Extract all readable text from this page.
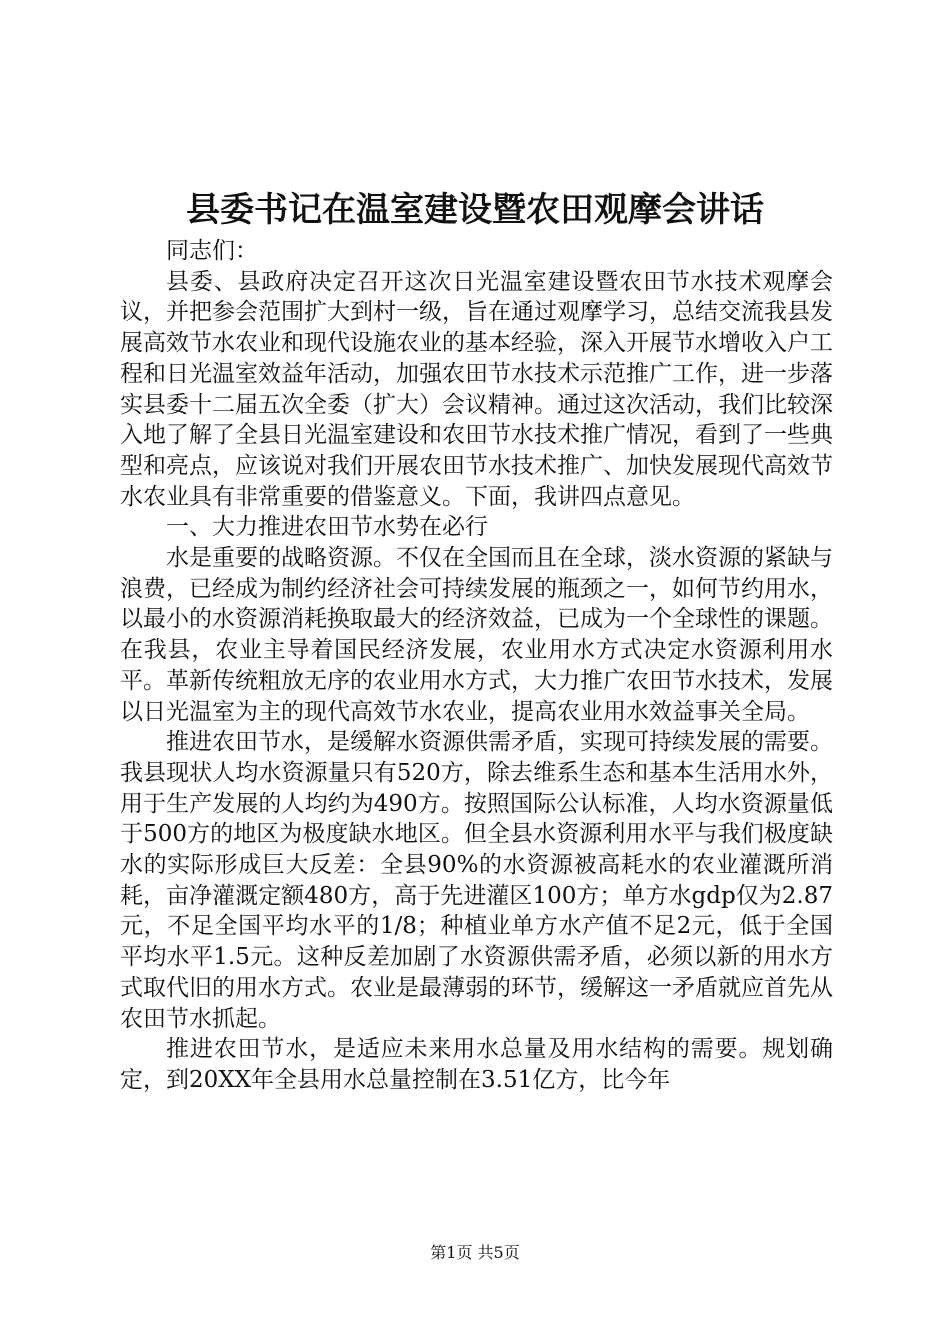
县委书记在温室建设暨农田观摩会讲话

同志们：

县委、县政府决定召开这次日光温室建设暨农田节水技术观摩会议，并把参会范围扩大到村一级，旨在通过观摩学习，总结交流我县发展高效节水农业和现代设施农业的基本经验，深入开展节水增收入户工程和日光温室效益年活动，加强农田节水技术示范推广工作，进一步落实县委十二届五次全委（扩大）会议精神。通过这次活动，我们比较深入地了解了全县日光温室建设和农田节水技术推广情况，看到了一些典型和亮点，应该说对我们开展农田节水技术推广、加快发展现代高效节水农业具有非常重要的借鉴意义。下面，我讲四点意见。

一、大力推进农田节水势在必行

水是重要的战略资源。不仅在全国而且在全球，淡水资源的紧缺与浪费，已经成为制约经济社会可持续发展的瓶颈之一，如何节约用水，以最小的水资源消耗换取最大的经济效益，已成为一个全球性的课题。在我县，农业主导着国民经济发展，农业用水方式决定水资源利用水平。革新传统粗放无序的农业用水方式，大力推广农田节水技术，发展以日光温室为主的现代高效节水农业，提高农业用水效益事关全局。

推进农田节水，是缓解水资源供需矛盾，实现可持续发展的需要。我县现状人均水资源量只有520方，除去维系生态和基本生活用水外，用于生产发展的人均约为490方。按照国际公认标准，人均水资源量低于500方的地区为极度缺水地区。但全县水资源利用水平与我们极度缺水的实际形成巨大反差：全县90%的水资源被高耗水的农业灌溉所消耗，亩净灌溉定额480方，高于先进灌区100方；单方水gdp仅为2.87元，不足全国平均水平的1/8；种植业单方水产值不足2元，低于全国平均水平1.5元。这种反差加剧了水资源供需矛盾，必须以新的用水方式取代旧的用水方式。农业是最薄弱的环节，缓解这一矛盾就应首先从农田节水抓起。

推进农田节水，是适应未来用水总量及用水结构的需要。规划确定，到20XX年全县用水总量控制在3.51亿方，比今年

第1页 共5页
